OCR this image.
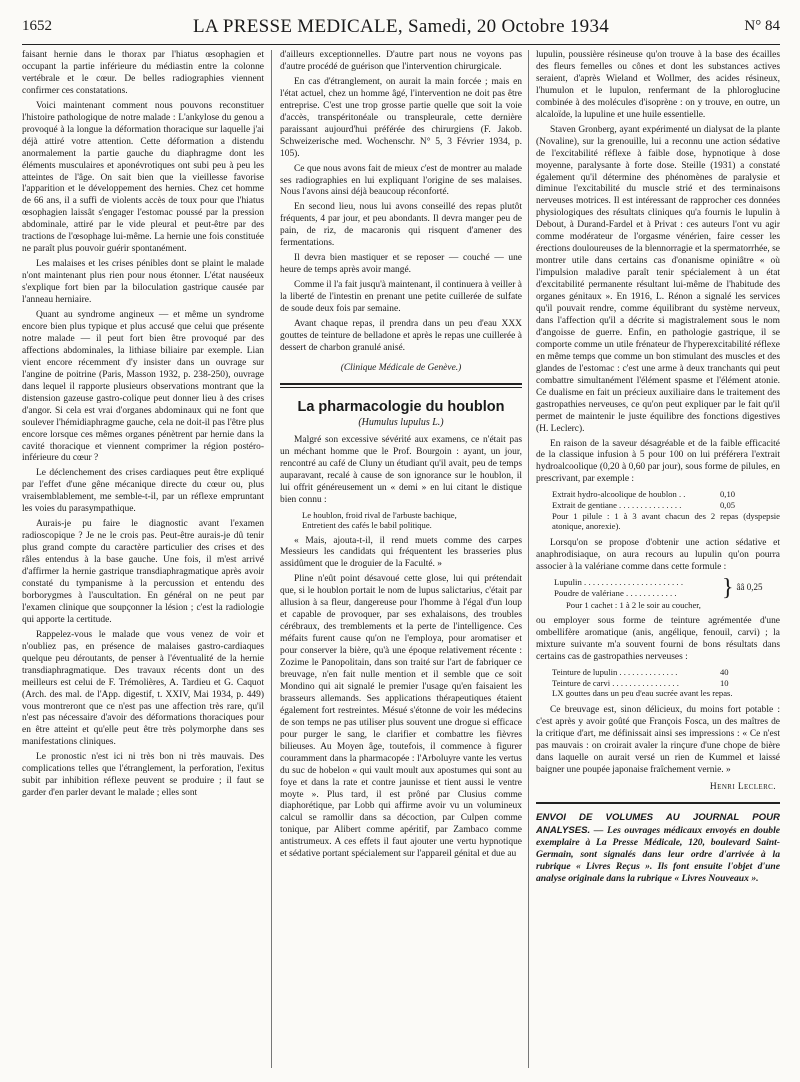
1652	LA PRESSE MEDICALE, Samedi, 20 Octobre 1934	N° 84

faisant hernie dans le thorax par l'hiatus œsophagien et occupant la partie inférieure du médiastin entre la colonne vertébrale et le cœur. De belles radiographies viennent confirmer ces constatations.

Voici maintenant comment nous pouvons reconstituer l'histoire pathologique de notre malade : L'ankylose du genou a provoqué à la longue la déformation thoracique sur laquelle j'ai déjà attiré votre attention. Cette déformation a distendu anormalement la partie gauche du diaphragme dont les éléments musculaires et aponévrotiques ont subi peu à peu les atteintes de l'âge. On sait bien que la vieillesse favorise l'apparition et le développement des hernies. Chez cet homme de 66 ans, il a suffi de violents accès de toux pour que l'hiatus œsophagien laissât s'engager l'estomac poussé par la pression abdominale, attiré par le vide pleural et peut-être par des tractions de l'œsophage lui-même. La hernie une fois constituée ne paraît plus pouvoir guérir spontanément.

Les malaises et les crises pénibles dont se plaint le malade n'ont maintenant plus rien pour nous étonner. L'état nauséeux s'explique fort bien par la biloculation gastrique causée par l'anneau herniaire.

Quant au syndrome angineux — et même un syndrome encore bien plus typique et plus accusé que celui que présente notre malade — il peut fort bien être provoqué par des affections abdominales, la lithiase biliaire par exemple. Lian vient encore récemment d'y insister dans un ouvrage sur l'angine de poitrine (Paris, Masson 1932, p. 238-250), ouvrage dans lequel il rapporte plusieurs observations montrant que la distension gazeuse gastro-colique peut donner lieu à des crises d'angor. Si cela est vrai d'organes abdominaux qui ne font que soulever l'hémidiaphragme gauche, cela ne doit-il pas l'être plus encore lorsque ces mêmes organes pénètrent par hernie dans la cavité thoracique et viennent comprimer la région postéro-inférieure du cœur ?

Le déclenchement des crises cardiaques peut être expliqué par l'effet d'une gêne mécanique directe du cœur ou, plus vraisemblablement, me semble-t-il, par un réflexe empruntant les voies du parasympathique.

Aurais-je pu faire le diagnostic avant l'examen radioscopique ? Je ne le crois pas. Peut-être aurais-je dû tenir plus grand compte du caractère particulier des crises et des râles entendus à la base gauche. Une fois, il m'est arrivé d'affirmer la hernie gastrique transdiaphragmatique après avoir constaté du tympanisme à la percussion et entendu des borborygmes à l'auscultation. En général on ne peut par l'examen clinique que soupçonner la lésion ; c'est la radiologie qui apporte la certitude.

Rappelez-vous le malade que vous venez de voir et n'oubliez pas, en présence de malaises gastro-cardiaques quelque peu déroutants, de penser à l'éventualité de la hernie transdiaphragmatique. Des travaux récents dont un des meilleurs est celui de F. Trémolières, A. Tardieu et G. Caquot (Arch. des mal. de l'App. digestif, t. XXIV, Mai 1934, p. 449) vous montreront que ce n'est pas une affection très rare, qu'il n'est pas nécessaire d'avoir des déformations thoraciques pour en être atteint et qu'elle peut être très polymorphe dans ses manifestations cliniques.

Le pronostic n'est ici ni très bon ni très mauvais. Des complications telles que l'étranglement, la perforation, l'exitus subit par inhibition réflexe peuvent se produire ; il faut se garder d'en parler devant le malade ; elles sont

d'ailleurs exceptionnelles. D'autre part nous ne voyons pas d'autre procédé de guérison que l'intervention chirurgicale.

En cas d'étranglement, on aurait la main forcée ; mais en l'état actuel, chez un homme âgé, l'intervention ne doit pas être entreprise. C'est une trop grosse partie quelle que soit la voie d'accès, transpéritonéale ou transpleurale, cette dernière paraissant aujourd'hui préférée des chirurgiens (F. Jakob. Schweizerische med. Wochenschr. N° 5, 3 Février 1934, p. 105).

Ce que nous avons fait de mieux c'est de montrer au malade ses radiographies en lui expliquant l'origine de ses malaises. Nous l'avons ainsi déjà beaucoup réconforté.

En second lieu, nous lui avons conseillé des repas plutôt fréquents, 4 par jour, et peu abondants. Il devra manger peu de pain, de riz, de macaronis qui risquent d'amener des fermentations.

Il devra bien mastiquer et se reposer — couché — une heure de temps après avoir mangé.

Comme il l'a fait jusqu'à maintenant, il continuera à veiller à la liberté de l'intestin en prenant une petite cuillerée de sulfate de soude deux fois par semaine.

Avant chaque repas, il prendra dans un peu d'eau XXX gouttes de teinture de belladone et après le repas une cuillerée à dessert de charbon granulé anisé.

(Clinique Médicale de Genève.)
La pharmacologie du houblon
(Humulus lupulus L.)

Malgré son excessive sévérité aux examens, ce n'était pas un méchant homme que le Prof. Bourgoin : ayant, un jour, rencontré au café de Cluny un étudiant qu'il avait, peu de temps auparavant, recalé à cause de son ignorance sur le houblon, il lui offrit généreusement un « demi » en lui citant le distique bien connu :

Le houblon, froid rival de l'arbuste bachique,

Entretient des cafés le babil politique.

« Mais, ajouta-t-il, il rend muets comme des carpes Messieurs les candidats qui fréquentent les brasseries plus assidûment que le droguier de la Faculté. »

Pline n'eût point désavoué cette glose, lui qui prétendait que, si le houblon portait le nom de lupus salictarius, c'était par allusion à sa fleur, dangereuse pour l'homme à l'égal d'un loup et capable de provoquer, par ses exhalaisons, des troubles cérébraux, des tremblements et la perte de l'intelligence. Ces méfaits furent cause qu'on ne l'employa, pour aromatiser et pour conserver la bière, qu'à une époque relativement récente : Zozime le Panopolitain, dans son traité sur l'art de fabriquer ce breuvage, n'en fait nulle mention et il semble que ce soit Mondino qui ait signalé le premier l'usage qu'en faisaient les brasseurs allemands. Ses applications thérapeutiques étaient également fort restreintes. Mésué s'étonne de voir les médecins de son temps ne pas utiliser plus souvent une drogue si efficace pour purger le sang, le clarifier et combattre les fièvres bilieuses. Au Moyen âge, toutefois, il commence à figurer couramment dans la pharmacopée : l'Arboluyre vante les vertus du suc de hobelon « qui vault moult aux apostumes qui sont au foye et dans la rate et contre jaunisse et tient aussi le ventre moyte ». Plus tard, il est prôné par Clusius comme diaphorétique, par Lobb qui affirme avoir vu un volumineux calcul se ramollir dans sa décoction, par Culpen comme tonique, par Alibert comme apéritif, par Zambaco comme antistrumeux. A ces effets il faut ajouter une vertu hypnotique et sédative portant spécialement sur l'appareil génital et due au

lupulin, poussière résineuse qu'on trouve à la base des écailles des fleurs femelles ou cônes et dont les substances actives seraient, d'après Wieland et Wollmer, des acides résineux, l'humulon et le lupulon, renfermant de la phloroglucine combinée à des molécules d'isoprène : on y trouve, en outre, un alcaloïde, la lupuline et une huile essentielle.

Staven Gronberg, ayant expérimenté un dialysat de la plante (Novaline), sur la grenouille, lui a reconnu une action sédative de l'excitabilité réflexe à faible dose, hypnotique à dose moyenne, paralysante à forte dose. Steille (1931) a constaté également qu'il détermine des phénomènes de paralysie et diminue l'excitabilité du muscle strié et des terminaisons nerveuses motrices. Il est intéressant de rapprocher ces données physiologiques des résultats cliniques qu'a fournis le lupulin à Debout, à Durand-Fardel et à Privat : ces auteurs l'ont vu agir comme modérateur de l'orgasme vénérien, faire cesser les érections douloureuses de la blennorragie et la spermatorrhée, se montrer utile dans certains cas d'onanisme opiniâtre « où l'impulsion maladive paraît tenir spécialement à un état d'excitabilité permanente résultant lui-même de l'habitude des organes génitaux ». En 1916, L. Rénon a signalé les services qu'il pouvait rendre, comme équilibrant du système nerveux, dans l'affection qu'il a décrite si magistralement sous le nom d'angoisse de guerre. Enfin, en pathologie gastrique, il se comporte comme un utile frénateur de l'hyperexcitabilité réflexe en même temps que comme un bon stimulant des muscles et des glandes de l'estomac : c'est une arme à deux tranchants qui peut combattre simultanément l'élément spasme et l'élément atonie. Ce dualisme en fait un précieux auxiliaire dans le traitement des gastropathies nerveuses, ce qu'on peut expliquer par le fait qu'il permet de maintenir le juste équilibre des fonctions digestives (H. Leclerc).

En raison de la saveur désagréable et de la faible efficacité de la classique infusion à 5 pour 100 on lui préférera l'extrait hydroalcoolique (0,20 à 0,60 par jour), sous forme de pilules, en prescrivant, par exemple :

Extrait hydro-alcoolique de houblon . .	0,10
Extrait de gentiane . . . . . . . . . . . . . . .	0,05
Pour 1 pilule : 1 à 3 avant chacun des 2 repas (dyspepsie atonique, anorexie).

Lorsqu'on se propose d'obtenir une action sédative et anaphrodisiaque, on aura recours au lupulin qu'on pourra associer à la valériane comme dans cette formule :

Lupulin . . . . . . . . . . . . . . . . . . . . . . .
Poudre de valériane . . . . . . . . . . . .	} ââ 0,25
Pour 1 cachet : 1 à 2 le soir au coucher,

ou employer sous forme de teinture agrémentée d'une ombellifère aromatique (anis, angélique, fenouil, carvi) ; la mixture suivante m'a souvent fourni de bons résultats dans certains cas de gastropathies nerveuses :

Teinture de lupulin . . . . . . . . . . . . . .	40
Teinture de carvi . . . . . . . . . . . . . . . .	10
LX gouttes dans un peu d'eau sucrée avant les repas.

Ce breuvage est, sinon délicieux, du moins fort potable : c'est après y avoir goûté que François Fosca, un des maîtres de la critique d'art, me définissait ainsi ses impressions : « Ce n'est pas mauvais : on croirait avaler la rinçure d'une chope de bière dans laquelle on aurait versé un rien de Kummel et laissé baigner une poupée japonaise fraîchement vernie. »

Henri Leclerc.

ENVOI DE VOLUMES AU JOURNAL POUR ANALYSES. — Les ouvrages médicaux envoyés en double exemplaire à La Presse Médicale, 120, boulevard Saint-Germain, sont signalés dans leur ordre d'arrivée à la rubrique « Livres Reçus ». Ils font ensuite l'objet d'une analyse originale dans la rubrique « Livres Nouveaux ».
